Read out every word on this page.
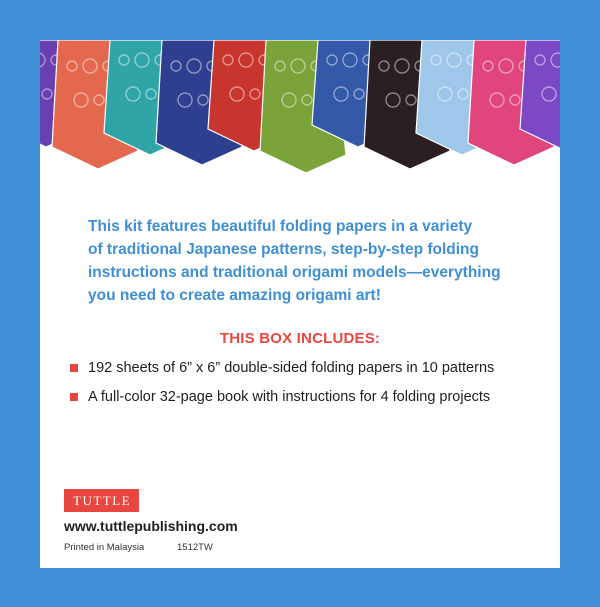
This kit features beautiful folding papers in a variety
of traditional Japanese patterns, step-by-step folding
instructions and traditional origami models—everything
you need to create amazing origami art!

THIS BOX INCLUDES:
192 sheets of 6” x 6” double-sided folding papers in 10 patterns
A full-color 32-page book with instructions for 4 folding projects
TUTTLE
www.tuttlepublishing.com
Printed in Malaysia	1512TW
